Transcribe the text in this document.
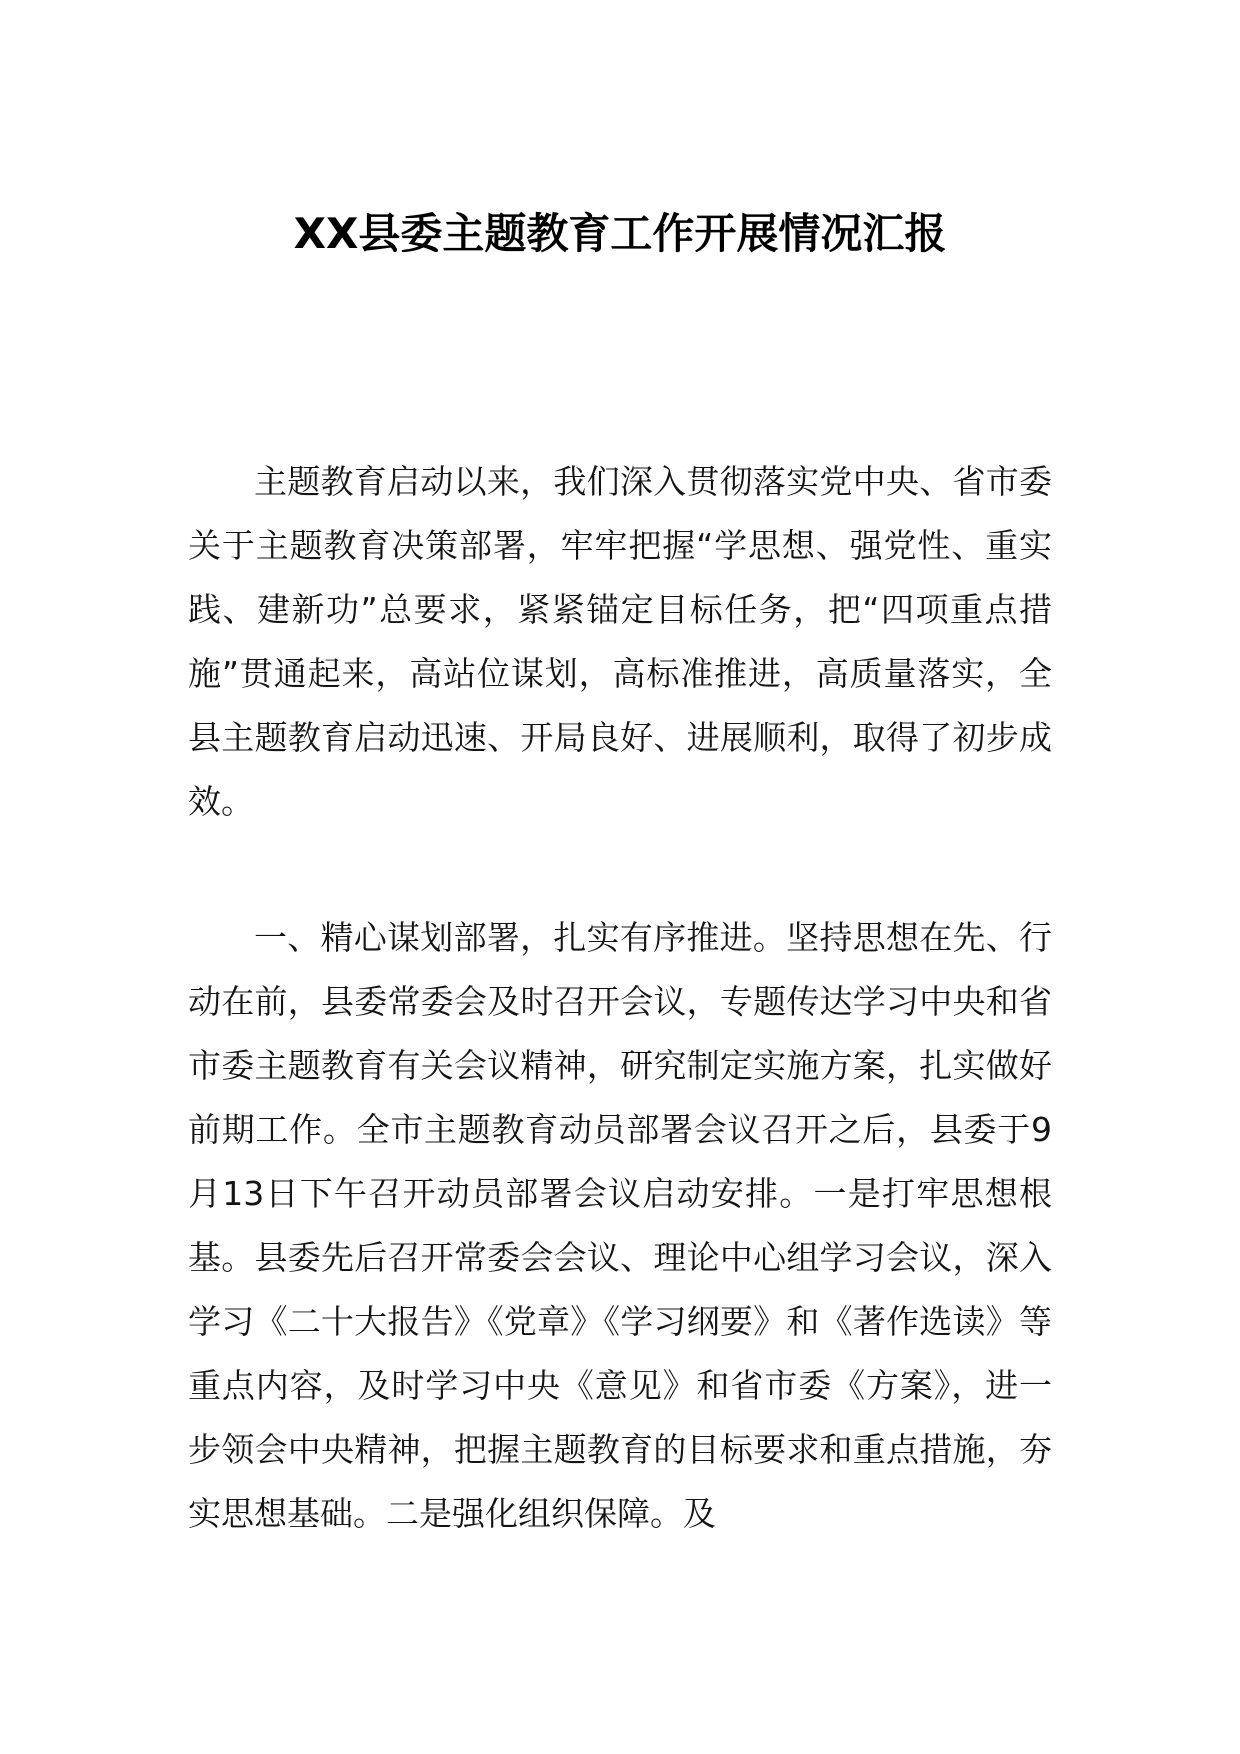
XX县委主题教育工作开展情况汇报

主题教育启动以来，我们深入贯彻落实党中央、省市委关于主题教育决策部署，牢牢把握“学思想、强党性、重实践、建新功”总要求，紧紧锚定目标任务，把“四项重点措施”贯通起来，高站位谋划，高标准推进，高质量落实，全县主题教育启动迅速、开局良好、进展顺利，取得了初步成效。

一、精心谋划部署，扎实有序推进。坚持思想在先、行动在前，县委常委会及时召开会议，专题传达学习中央和省市委主题教育有关会议精神，研究制定实施方案，扎实做好前期工作。全市主题教育动员部署会议召开之后，县委于9月13日下午召开动员部署会议启动安排。一是打牢思想根基。县委先后召开常委会会议、理论中心组学习会议，深入学习《二十大报告》《党章》《学习纲要》和《著作选读》等重点内容，及时学习中央《意见》和省市委《方案》，进一步领会中央精神，把握主题教育的目标要求和重点措施，夯实思想基础。二是强化组织保障。及
